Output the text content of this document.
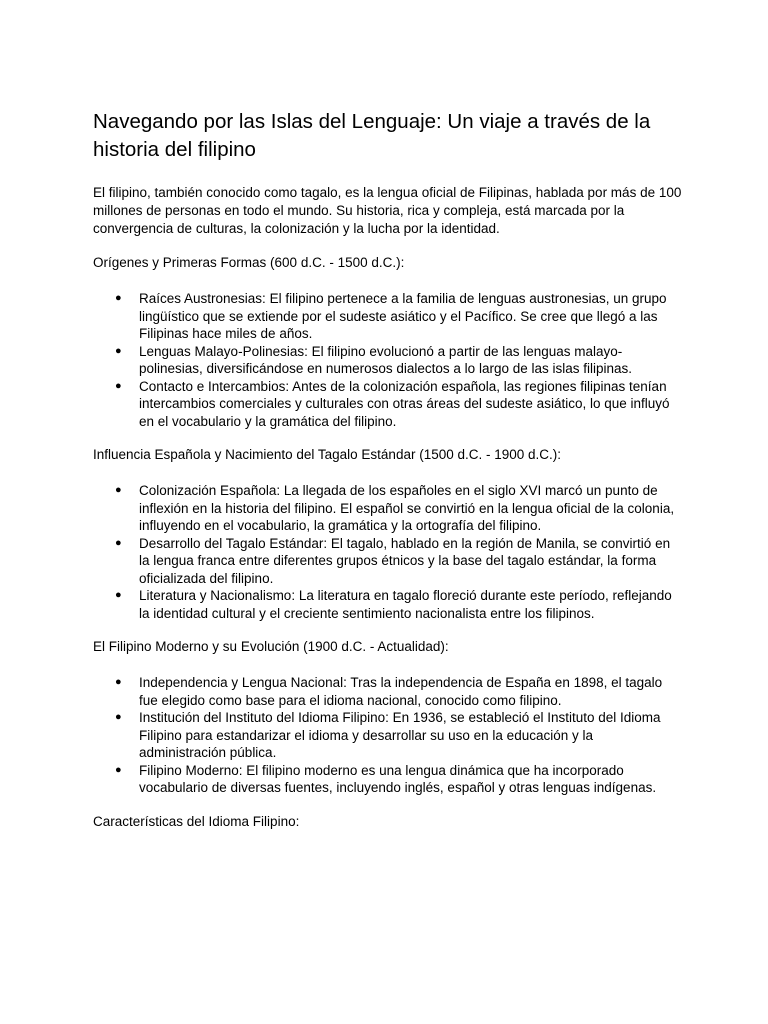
Navegando por las Islas del Lenguaje: Un viaje a través de la historia del filipino

El filipino, también conocido como tagalo, es la lengua oficial de Filipinas, hablada por más de 100 millones de personas en todo el mundo. Su historia, rica y compleja, está marcada por la convergencia de culturas, la colonización y la lucha por la identidad.

Orígenes y Primeras Formas (600 d.C. - 1500 d.C.):

● Raíces Austronesias: El filipino pertenece a la familia de lenguas austronesias, un grupo lingüístico que se extiende por el sudeste asiático y el Pacífico. Se cree que llegó a las Filipinas hace miles de años.
● Lenguas Malayo-Polinesias: El filipino evolucionó a partir de las lenguas malayo-polinesias, diversificándose en numerosos dialectos a lo largo de las islas filipinas.
● Contacto e Intercambios: Antes de la colonización española, las regiones filipinas tenían intercambios comerciales y culturales con otras áreas del sudeste asiático, lo que influyó en el vocabulario y la gramática del filipino.

Influencia Española y Nacimiento del Tagalo Estándar (1500 d.C. - 1900 d.C.):

● Colonización Española: La llegada de los españoles en el siglo XVI marcó un punto de inflexión en la historia del filipino. El español se convirtió en la lengua oficial de la colonia, influyendo en el vocabulario, la gramática y la ortografía del filipino.
● Desarrollo del Tagalo Estándar: El tagalo, hablado en la región de Manila, se convirtió en la lengua franca entre diferentes grupos étnicos y la base del tagalo estándar, la forma oficializada del filipino.
● Literatura y Nacionalismo: La literatura en tagalo floreció durante este período, reflejando la identidad cultural y el creciente sentimiento nacionalista entre los filipinos.

El Filipino Moderno y su Evolución (1900 d.C. - Actualidad):

● Independencia y Lengua Nacional: Tras la independencia de España en 1898, el tagalo fue elegido como base para el idioma nacional, conocido como filipino.
● Institución del Instituto del Idioma Filipino: En 1936, se estableció el Instituto del Idioma Filipino para estandarizar el idioma y desarrollar su uso en la educación y la administración pública.
● Filipino Moderno: El filipino moderno es una lengua dinámica que ha incorporado vocabulario de diversas fuentes, incluyendo inglés, español y otras lenguas indígenas.

Características del Idioma Filipino:
